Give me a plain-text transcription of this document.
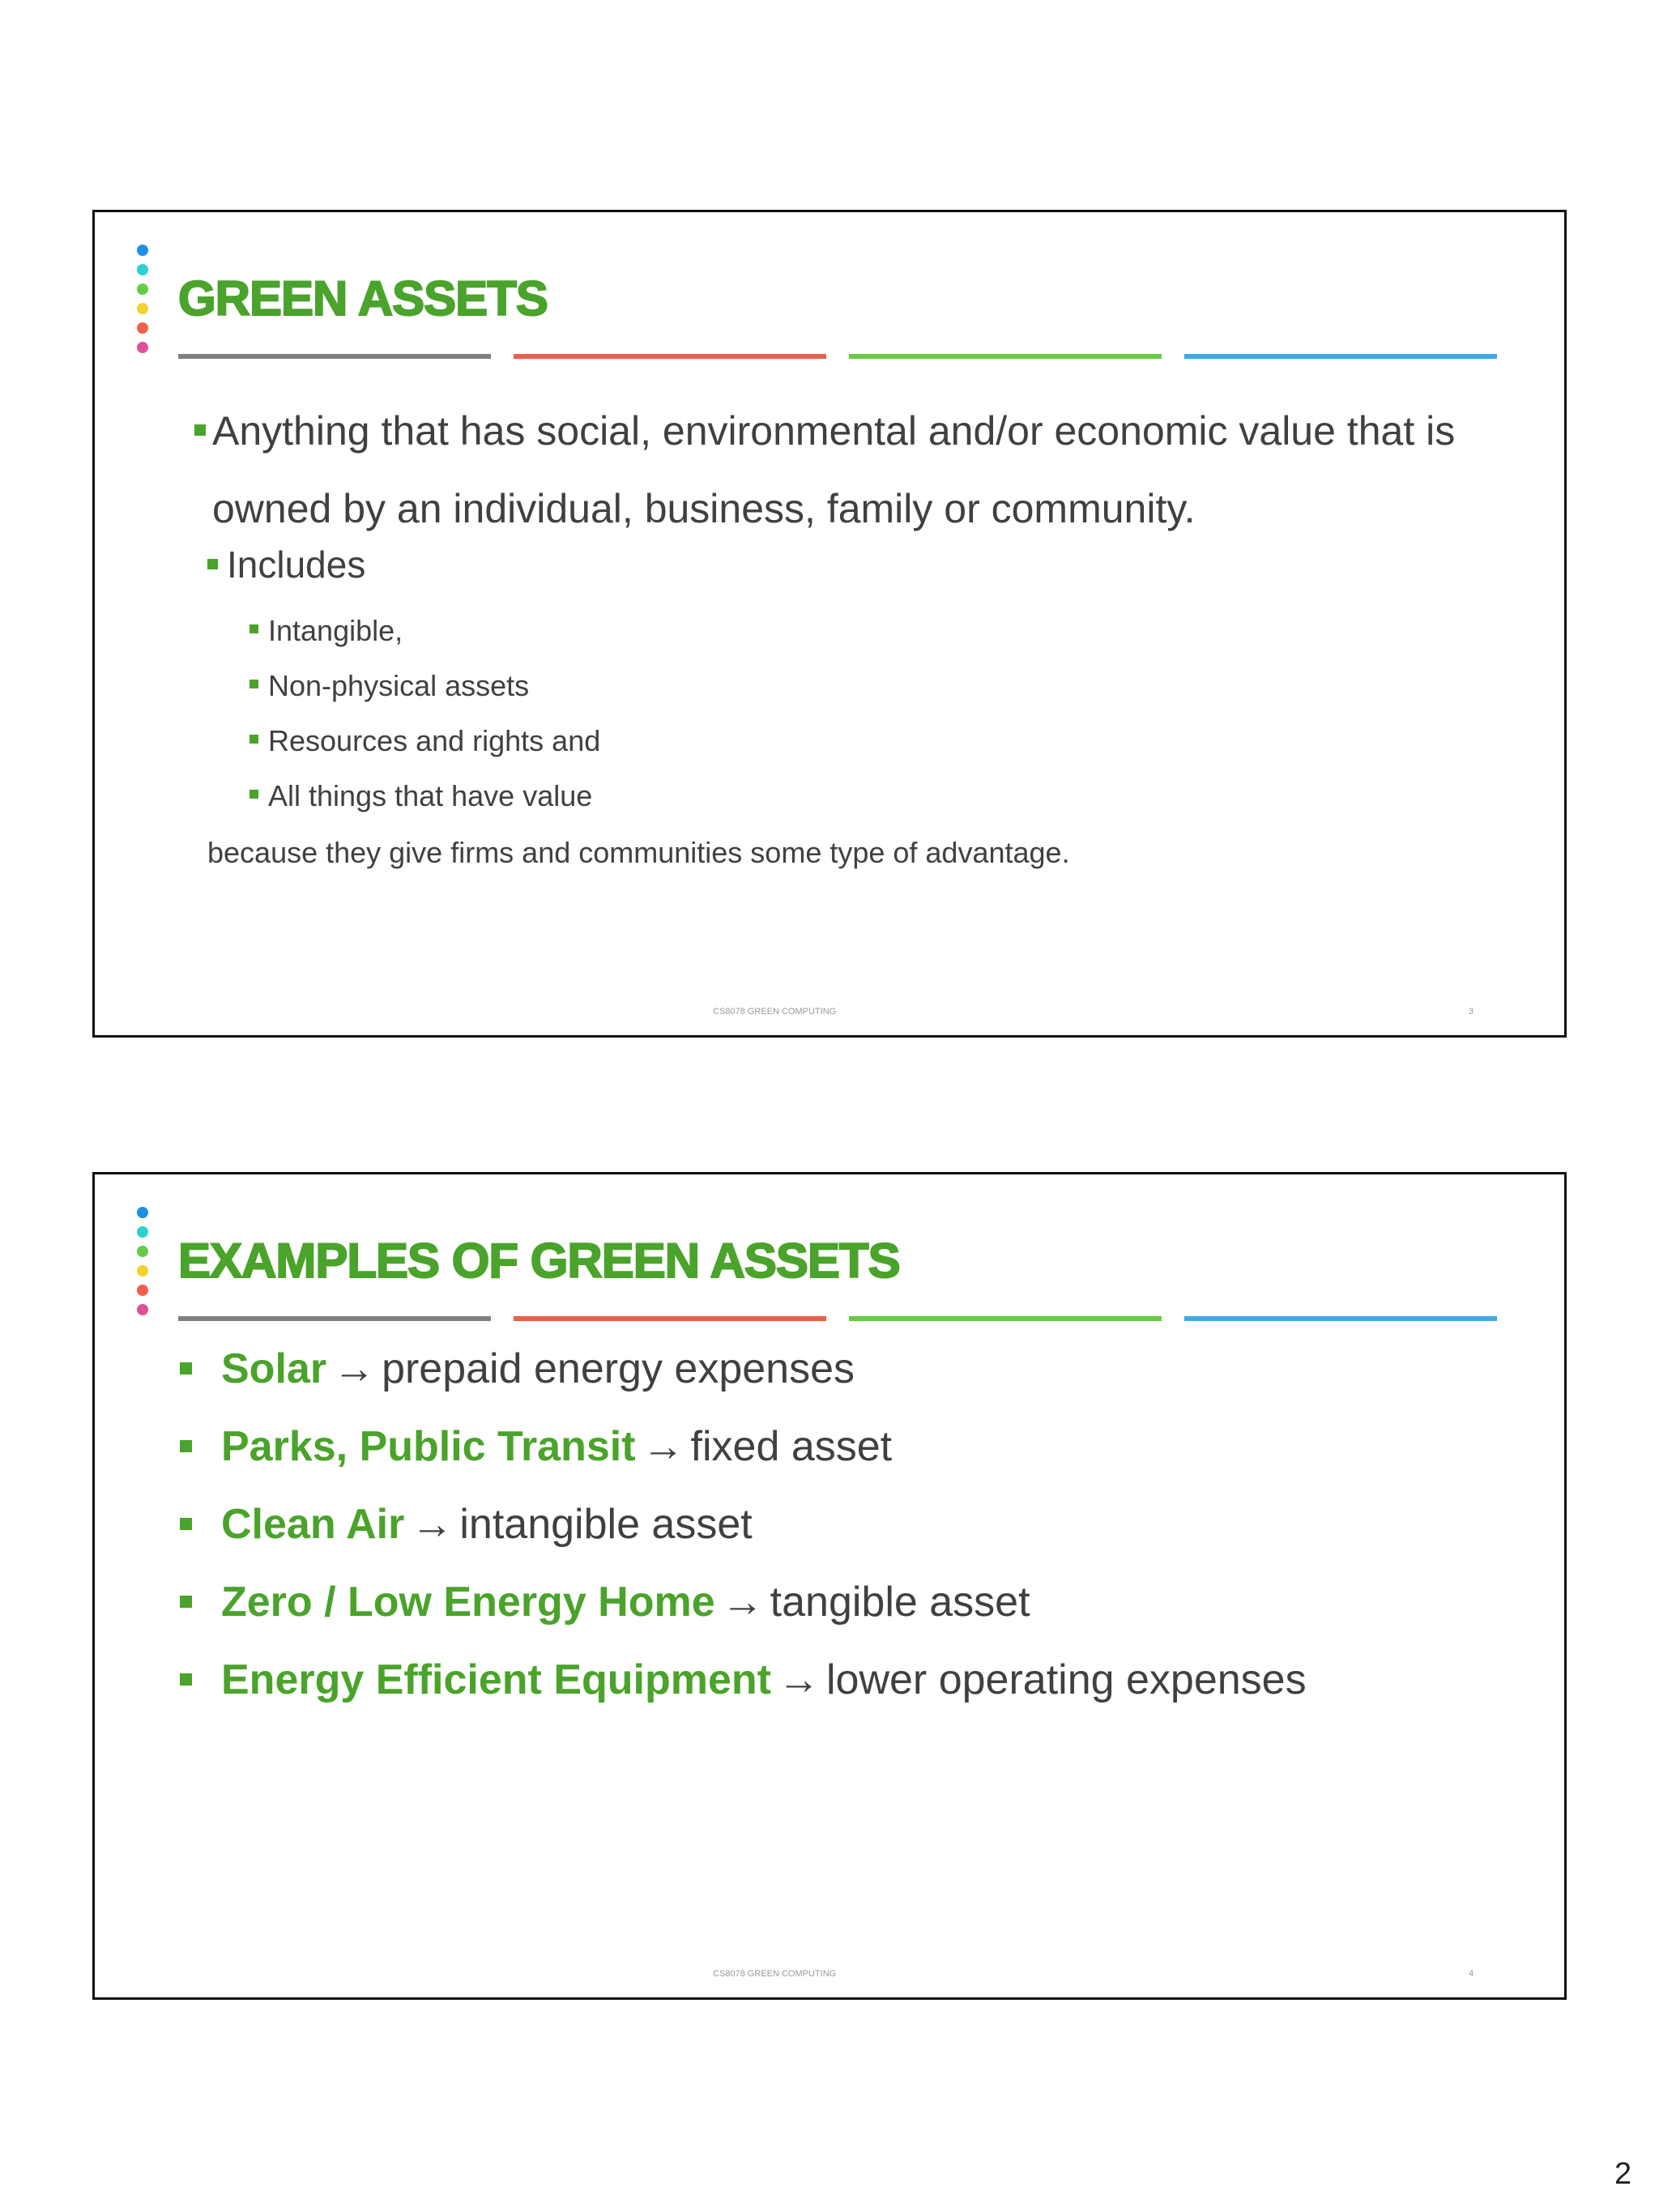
GREEN ASSETS
Anything that has social, environmental and/or economic value that is owned by an individual, business, family or community.
Includes
Intangible,
Non-physical assets
Resources and rights and
All things that have value
because they give firms and communities some type of advantage.
CS8078 GREEN COMPUTING	3
EXAMPLES OF GREEN ASSETS
Solar → prepaid energy expenses
Parks, Public Transit → fixed asset
Clean Air → intangible asset
Zero / Low Energy Home → tangible asset
Energy Efficient Equipment → lower operating expenses
CS8078 GREEN COMPUTING	4
2
